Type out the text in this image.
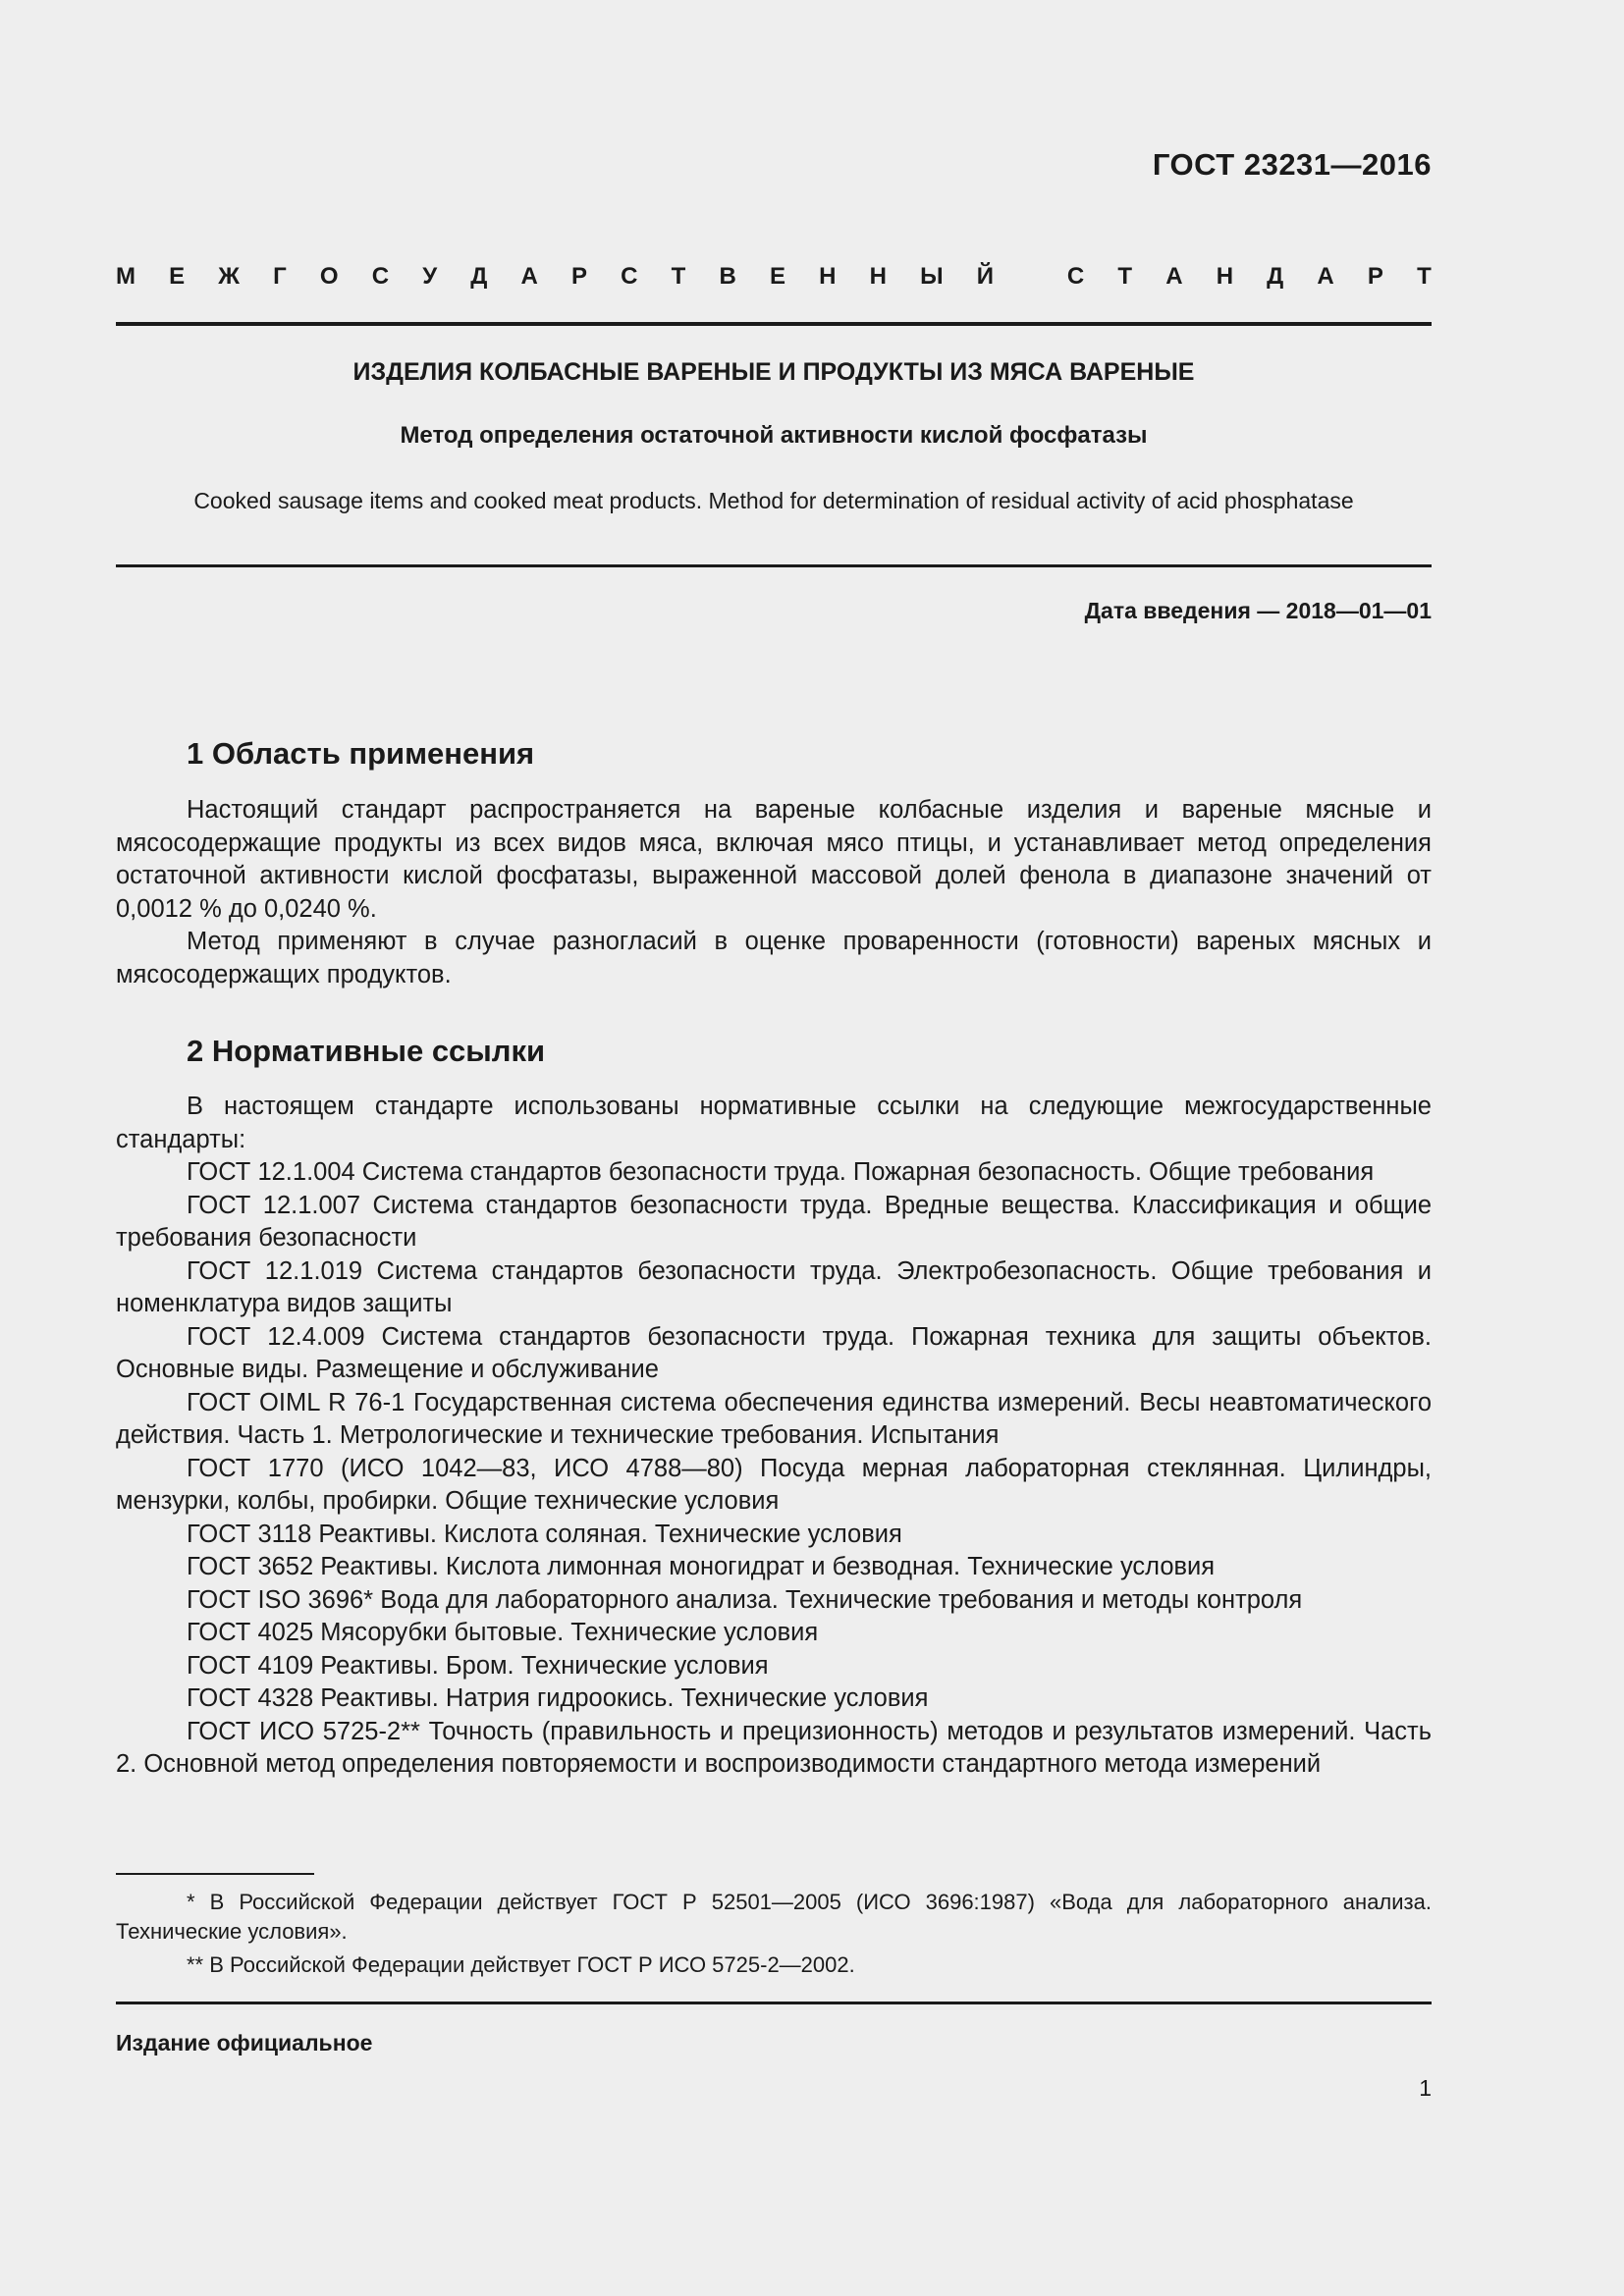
ГОСТ 23231—2016
М Е Ж Г О С У Д А Р С Т В Е Н Н Ы Й
	С Т А Н Д А Р Т
ИЗДЕЛИЯ КОЛБАСНЫЕ ВАРЕНЫЕ И ПРОДУКТЫ ИЗ МЯСА ВАРЕНЫЕ
Метод определения остаточной активности кислой фосфатазы
Cooked sausage items and cooked meat products. Method for determination of residual activity of acid phosphatase
Дата введения — 2018—01—01
1 Область применения

Настоящий стандарт распространяется на вареные колбасные изделия и вареные мясные и мясосодержащие продукты из всех видов мяса, включая мясо птицы, и устанавливает метод определения остаточной активности кислой фосфатазы, выраженной массовой долей фенола в диапазоне значений от 0,0012 % до 0,0240 %.

Метод применяют в случае разногласий в оценке проваренности (готовности) вареных мясных и мясосодержащих продуктов.

2 Нормативные ссылки

В настоящем стандарте использованы нормативные ссылки на следующие межгосударственные стандарты:

ГОСТ 12.1.004 Система стандартов безопасности труда. Пожарная безопасность. Общие требования

ГОСТ 12.1.007 Система стандартов безопасности труда. Вредные вещества. Классификация и общие требования безопасности

ГОСТ 12.1.019 Система стандартов безопасности труда. Электробезопасность. Общие требования и номенклатура видов защиты

ГОСТ 12.4.009 Система стандартов безопасности труда. Пожарная техника для защиты объектов. Основные виды. Размещение и обслуживание

ГОСТ OIML R 76-1 Государственная система обеспечения единства измерений. Весы неавтоматического действия. Часть 1. Метрологические и технические требования. Испытания

ГОСТ 1770 (ИСО 1042—83, ИСО 4788—80) Посуда мерная лабораторная стеклянная. Цилиндры, мензурки, колбы, пробирки. Общие технические условия

ГОСТ 3118 Реактивы. Кислота соляная. Технические условия

ГОСТ 3652 Реактивы. Кислота лимонная моногидрат и безводная. Технические условия

ГОСТ ISO 3696* Вода для лабораторного анализа. Технические требования и методы контроля

ГОСТ 4025 Мясорубки бытовые. Технические условия

ГОСТ 4109 Реактивы. Бром. Технические условия

ГОСТ 4328 Реактивы. Натрия гидроокись. Технические условия

ГОСТ ИСО 5725-2** Точность (правильность и прецизионность) методов и результатов измерений. Часть 2. Основной метод определения повторяемости и воспроизводимости стандартного метода измерений

* В Российской Федерации действует ГОСТ Р 52501—2005 (ИСО 3696:1987) «Вода для лабораторного анализа. Технические условия».

** В Российской Федерации действует ГОСТ Р ИСО 5725-2—2002.

Издание официальное
1
